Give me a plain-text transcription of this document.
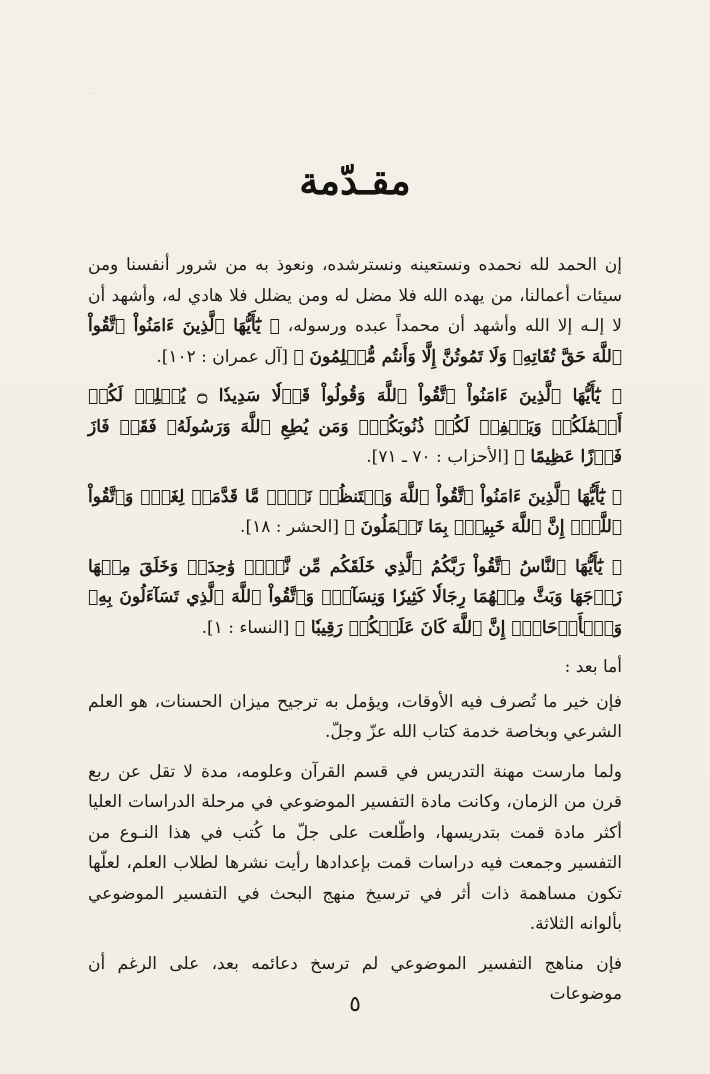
…
مقـدّمة

إن الحمد لله نحمده ونستعينه ونسترشده، ونعوذ به من شرور أنفسنا ومن سيئات أعمالنا، من يهده الله فلا مضل له ومن يضلل فلا هادي له، وأشهد أن لا إلـه إلا الله وأشهد أن محمداً عبده ورسوله، ﴿ يَٰٓأَيُّهَا ٱلَّذِينَ ءَامَنُواْ ٱتَّقُواْ ٱللَّهَ حَقَّ تُقَاتِهِۦ وَلَا تَمُوتُنَّ إِلَّا وَأَنتُم مُّسۡلِمُونَ ﴾ [آل عمران : ١٠٢].

﴿ يَٰٓأَيُّهَا ٱلَّذِينَ ءَامَنُواْ ٱتَّقُواْ ٱللَّهَ وَقُولُواْ قَوۡلٗا سَدِيدٗا ۝ يُصۡلِحۡ لَكُمۡ أَعۡمَٰلَكُمۡ وَيَغۡفِرۡ لَكُمۡ ذُنُوبَكُمۡۗ وَمَن يُطِعِ ٱللَّهَ وَرَسُولَهُۥ فَقَدۡ فَازَ فَوۡزًا عَظِيمًا ﴾ [الأحزاب : ٧٠ ـ ٧١].

﴿ يَٰٓأَيُّهَا ٱلَّذِينَ ءَامَنُواْ ٱتَّقُواْ ٱللَّهَ وَلۡتَنظُرۡ نَفۡسٞ مَّا قَدَّمَتۡ لِغَدٖۖ وَٱتَّقُواْ ٱللَّهَۚ إِنَّ ٱللَّهَ خَبِيرُۢ بِمَا تَعۡمَلُونَ ﴾ [الحشر : ١٨].

﴿ يَٰٓأَيُّهَا ٱلنَّاسُ ٱتَّقُواْ رَبَّكُمُ ٱلَّذِي خَلَقَكُم مِّن نَّفۡسٖ وَٰحِدَةٖ وَخَلَقَ مِنۡهَا زَوۡجَهَا وَبَثَّ مِنۡهُمَا رِجَالٗا كَثِيرٗا وَنِسَآءٗۚ وَٱتَّقُواْ ٱللَّهَ ٱلَّذِي تَسَآءَلُونَ بِهِۦ وَٱلۡأَرۡحَامَۚ إِنَّ ٱللَّهَ كَانَ عَلَيۡكُمۡ رَقِيبٗا ﴾ [النساء : ١].

أما بعد :

فإن خير ما تُصرف فيه الأوقات، ويؤمل به ترجيح ميزان الحسنات، هو العلم الشرعي وبخاصة خدمة كتاب الله عزّ وجلّ.

ولما مارست مهنة التدريس في قسم القرآن وعلومه، مدة لا تقل عن ربع قرن من الزمان، وكانت مادة التفسير الموضوعي في مرحلة الدراسات العليا أكثر مادة قمت بتدريسها، واطّلعت على جلّ ما كُتب في هذا النـوع من التفسير وجمعت فيه دراسات قمت بإعدادها رأيت نشرها لطلاب العلم، لعلّها تكون مساهمة ذات أثر في ترسيخ منهج البحث في التفسير الموضوعي بألوانه الثلاثة.

فإن مناهج التفسير الموضوعي لم ترسخ دعائمه بعد، على الرغم أن موضوعات

٥
